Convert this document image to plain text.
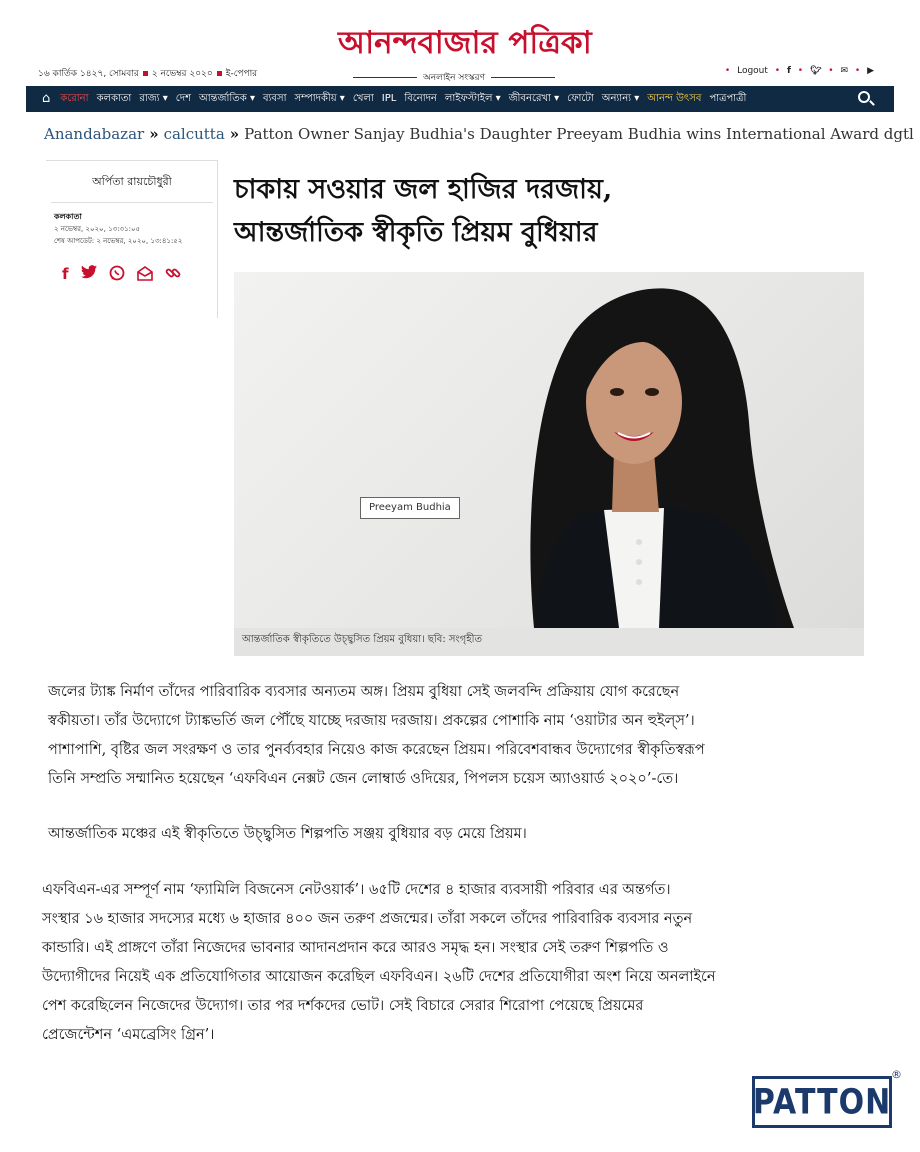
১৬ কার্তিক ১৪২৭, সোমবার ২ নভেম্বর ২০২০ ই-পেপার
আনন্দবাজার পত্রিকা
অনলাইন সংস্করণ
• Logout • f • 🐦︎ • ✉ • ▶
⌂ করোনা কলকাতা রাজ্য ▾ দেশ আন্তর্জাতিক ▾ ব্যবসা সম্পাদকীয় ▾ খেলা IPL বিনোদন লাইফস্টাইল ▾ জীবনরেখা ▾ ফোটো অন্যান্য ▾ আনন্দ উৎসব পাত্রপাত্রী
Anandabazar » calcutta » Patton Owner Sanjay Budhia's Daughter Preeyam Budhia wins International Award dgtl
অর্পিতা রায়চৌধুরী
কলকাতা
২ নভেম্বর, ২০২০, ১৩:৩১:০৫
শেষ আপডেট: ২ নভেম্বর, ২০২০, ১৩:৪১:৫২
f
চাকায় সওয়ার জল হাজির দরজায়,
আন্তর্জাতিক স্বীকৃতি প্রিয়ম বুধিয়ার
Preeyam Budhia
আন্তর্জাতিক স্বীকৃতিতে উচ্ছ্বসিত প্রিয়ম বুধিয়া। ছবি: সংগৃহীত

জলের ট্যাঙ্ক নির্মাণ তাঁদের পারিবারিক ব্যবসার অন্যতম অঙ্গ। প্রিয়ম বুধিয়া সেই জলবন্দি প্রক্রিয়ায় যোগ করেছেন

স্বকীয়তা। তাঁর উদ্যোগে ট্যাঙ্কভর্তি জল পৌঁছে যাচ্ছে দরজায় দরজায়। প্রকল্পের পোশাকি নাম ‘ওয়াটার অন হুইল্‌স’।

পাশাপাশি, বৃষ্টির জল সংরক্ষণ ও তার পুনর্ব্যবহার নিয়েও কাজ করেছেন প্রিয়ম। পরিবেশবান্ধব উদ্যোগের স্বীকৃতিস্বরূপ

তিনি সম্প্রতি সম্মানিত হয়েছেন ‘এফবিএন নেক্সট জেন লোম্বার্ড ওদিয়ের, পিপলস চয়েস অ্যাওয়ার্ড ২০২০’-তে।

আন্তর্জাতিক মঞ্চের এই স্বীকৃতিতে উচ্ছ্বসিত শিল্পপতি সঞ্জয় বুধিয়ার বড় মেয়ে প্রিয়ম।

এফবিএন-এর সম্পূর্ণ নাম ‘ফ্যামিলি বিজনেস নেটওয়ার্ক’। ৬৫টি দেশের ৪ হাজার ব্যবসায়ী পরিবার এর অন্তর্গত।

সংস্থার ১৬ হাজার সদস্যের মধ্যে ৬ হাজার ৪০০ জন তরুণ প্রজন্মের। তাঁরা সকলে তাঁদের পারিবারিক ব্যবসার নতুন

কান্ডারি। এই প্রাঙ্গণে তাঁরা নিজেদের ভাবনার আদানপ্রদান করে আরও সমৃদ্ধ হন। সংস্থার সেই তরুণ শিল্পপতি ও

উদ্যোগীদের নিয়েই এক প্রতিযোগিতার আয়োজন করেছিল এফবিএন। ২৬টি দেশের প্রতিযোগীরা অংশ নিয়ে অনলাইনে

পেশ করেছিলেন নিজেদের উদ্যোগ। তার পর দর্শকদের ভোট। সেই বিচারে সেরার শিরোপা পেয়েছে প্রিয়মের

প্রেজেন্টেশন ‘এমব্রেসিং গ্রিন’।

PATTON
®
